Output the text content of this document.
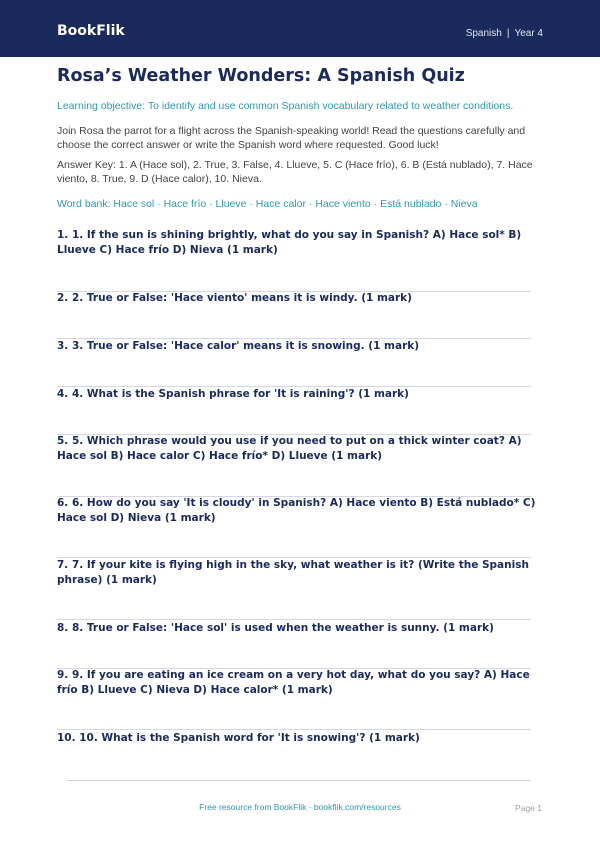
BookFlik	Spanish | Year 4
Rosa’s Weather Wonders: A Spanish Quiz

Learning objective: To identify and use common Spanish vocabulary related to weather conditions.

Join Rosa the parrot for a flight across the Spanish-speaking world! Read the questions carefully and choose the correct answer or write the Spanish word where requested. Good luck!

Answer Key: 1. A (Hace sol), 2. True, 3. False, 4. Llueve, 5. C (Hace frío), 6. B (Está nublado), 7. Hace viento, 8. True, 9. D (Hace calor), 10. Nieva.

Word bank: Hace sol · Hace frío · Llueve · Hace calor · Hace viento · Está nublado · Nieva

1. 1. If the sun is shining brightly, what do you say in Spanish? A) Hace sol* B) Llueve C) Hace frío D) Nieva (1 mark)
2. 2. True or False: 'Hace viento' means it is windy. (1 mark)
3. 3. True or False: 'Hace calor' means it is snowing. (1 mark)
4. 4. What is the Spanish phrase for 'It is raining'? (1 mark)
5. 5. Which phrase would you use if you need to put on a thick winter coat? A) Hace sol B) Hace calor C) Hace frío* D) Llueve (1 mark)
6. 6. How do you say 'It is cloudy' in Spanish? A) Hace viento B) Está nublado* C) Hace sol D) Nieva (1 mark)
7. 7. If your kite is flying high in the sky, what weather is it? (Write the Spanish phrase) (1 mark)
8. 8. True or False: 'Hace sol' is used when the weather is sunny. (1 mark)
9. 9. If you are eating an ice cream on a very hot day, what do you say? A) Hace frío B) Llueve C) Nieva D) Hace calor* (1 mark)
10. 10. What is the Spanish word for 'It is snowing'? (1 mark)
Free resource from BookFlik · bookflik.com/resources	Page 1
